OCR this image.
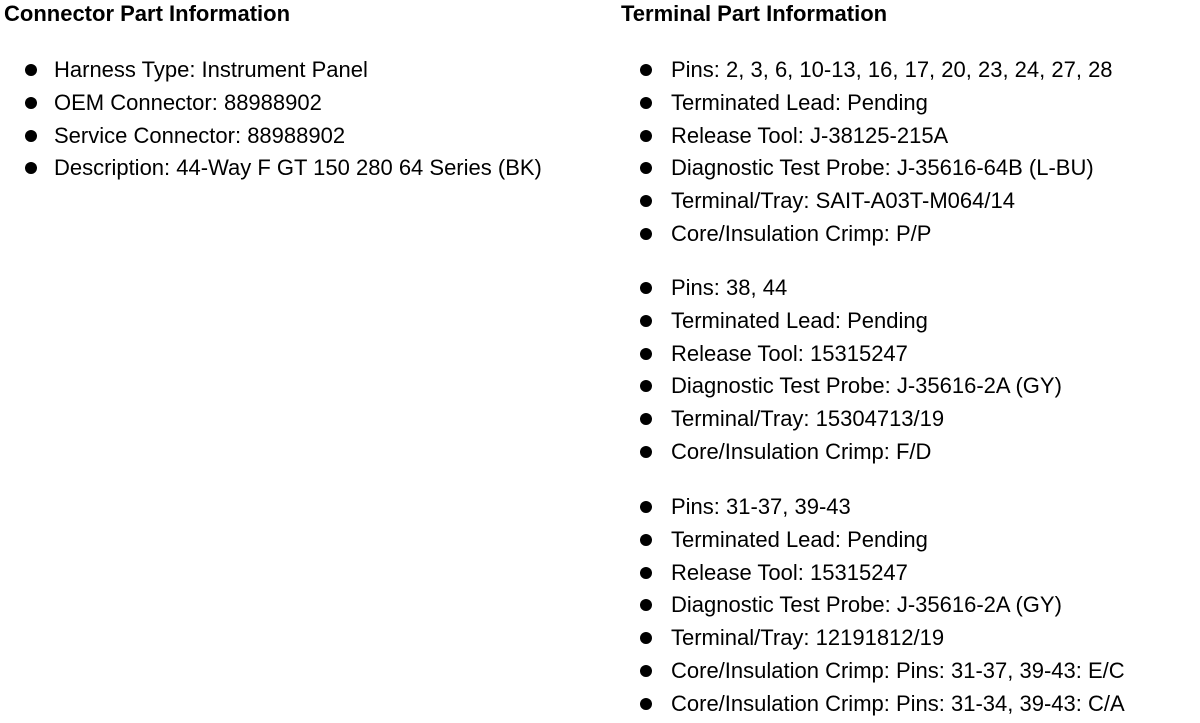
Connector Part Information
Harness Type: Instrument Panel
OEM Connector: 88988902
Service Connector: 88988902
Description: 44-Way F GT 150 280 64 Series (BK)
Terminal Part Information
Pins: 2, 3, 6, 10-13, 16, 17, 20, 23, 24, 27, 28
Terminated Lead: Pending
Release Tool: J-38125-215A
Diagnostic Test Probe: J-35616-64B (L-BU)
Terminal/Tray: SAIT-A03T-M064/14
Core/Insulation Crimp: P/P
Pins: 38, 44
Terminated Lead: Pending
Release Tool: 15315247
Diagnostic Test Probe: J-35616-2A (GY)
Terminal/Tray: 15304713/19
Core/Insulation Crimp: F/D
Pins: 31-37, 39-43
Terminated Lead: Pending
Release Tool: 15315247
Diagnostic Test Probe: J-35616-2A (GY)
Terminal/Tray: 12191812/19
Core/Insulation Crimp: Pins: 31-37, 39-43: E/C
Core/Insulation Crimp: Pins: 31-34, 39-43: C/A
